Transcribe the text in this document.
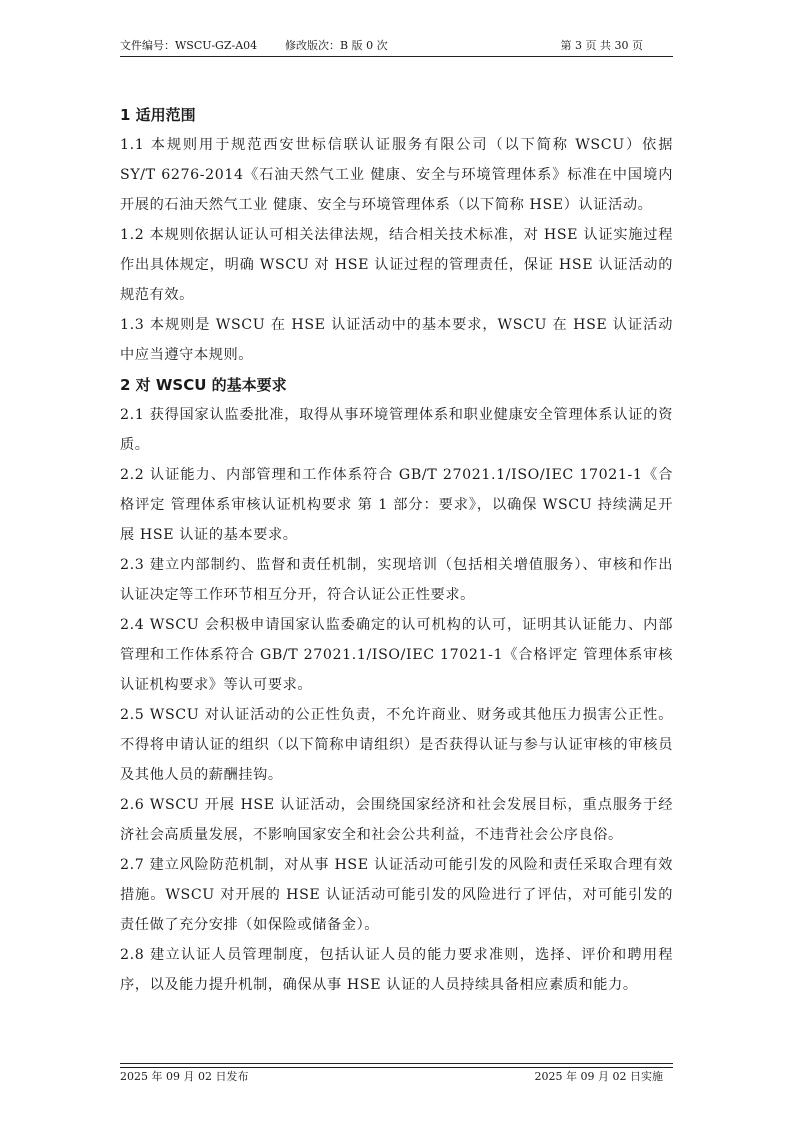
文件编号：WSCU-GZ-A04	修改版次：B 版 0 次	第 3 页 共 30 页
1 适用范围

1.1 本规则用于规范西安世标信联认证服务有限公司（以下简称 WSCU）依据 SY/T 6276-2014《石油天然气工业 健康、安全与环境管理体系》标准在中国境内开展的石油天然气工业 健康、安全与环境管理体系（以下简称 HSE）认证活动。

1.2 本规则依据认证认可相关法律法规，结合相关技术标准，对 HSE 认证实施过程作出具体规定，明确 WSCU 对 HSE 认证过程的管理责任，保证 HSE 认证活动的规范有效。

1.3 本规则是 WSCU 在 HSE 认证活动中的基本要求，WSCU 在 HSE 认证活动中应当遵守本规则。

2 对 WSCU 的基本要求

2.1 获得国家认监委批准，取得从事环境管理体系和职业健康安全管理体系认证的资质。

2.2 认证能力、内部管理和工作体系符合 GB/T 27021.1/ISO/IEC 17021-1《合格评定 管理体系审核认证机构要求 第 1 部分：要求》，以确保 WSCU 持续满足开展 HSE 认证的基本要求。

2.3 建立内部制约、监督和责任机制，实现培训（包括相关增值服务）、审核和作出认证决定等工作环节相互分开，符合认证公正性要求。

2.4 WSCU 会积极申请国家认监委确定的认可机构的认可，证明其认证能力、内部管理和工作体系符合 GB/T 27021.1/ISO/IEC 17021-1《合格评定 管理体系审核认证机构要求》等认可要求。

2.5 WSCU 对认证活动的公正性负责，不允许商业、财务或其他压力损害公正性。不得将申请认证的组织（以下简称申请组织）是否获得认证与参与认证审核的审核员及其他人员的薪酬挂钩。

2.6 WSCU 开展 HSE 认证活动，会围绕国家经济和社会发展目标，重点服务于经济社会高质量发展，不影响国家安全和社会公共利益，不违背社会公序良俗。

2.7 建立风险防范机制，对从事 HSE 认证活动可能引发的风险和责任采取合理有效措施。WSCU 对开展的 HSE 认证活动可能引发的风险进行了评估，对可能引发的责任做了充分安排（如保险或储备金）。

2.8 建立认证人员管理制度，包括认证人员的能力要求准则，选择、评价和聘用程序，以及能力提升机制，确保从事 HSE 认证的人员持续具备相应素质和能力。

2025 年 09 月 02 日发布	2025 年 09 月 02 日实施
